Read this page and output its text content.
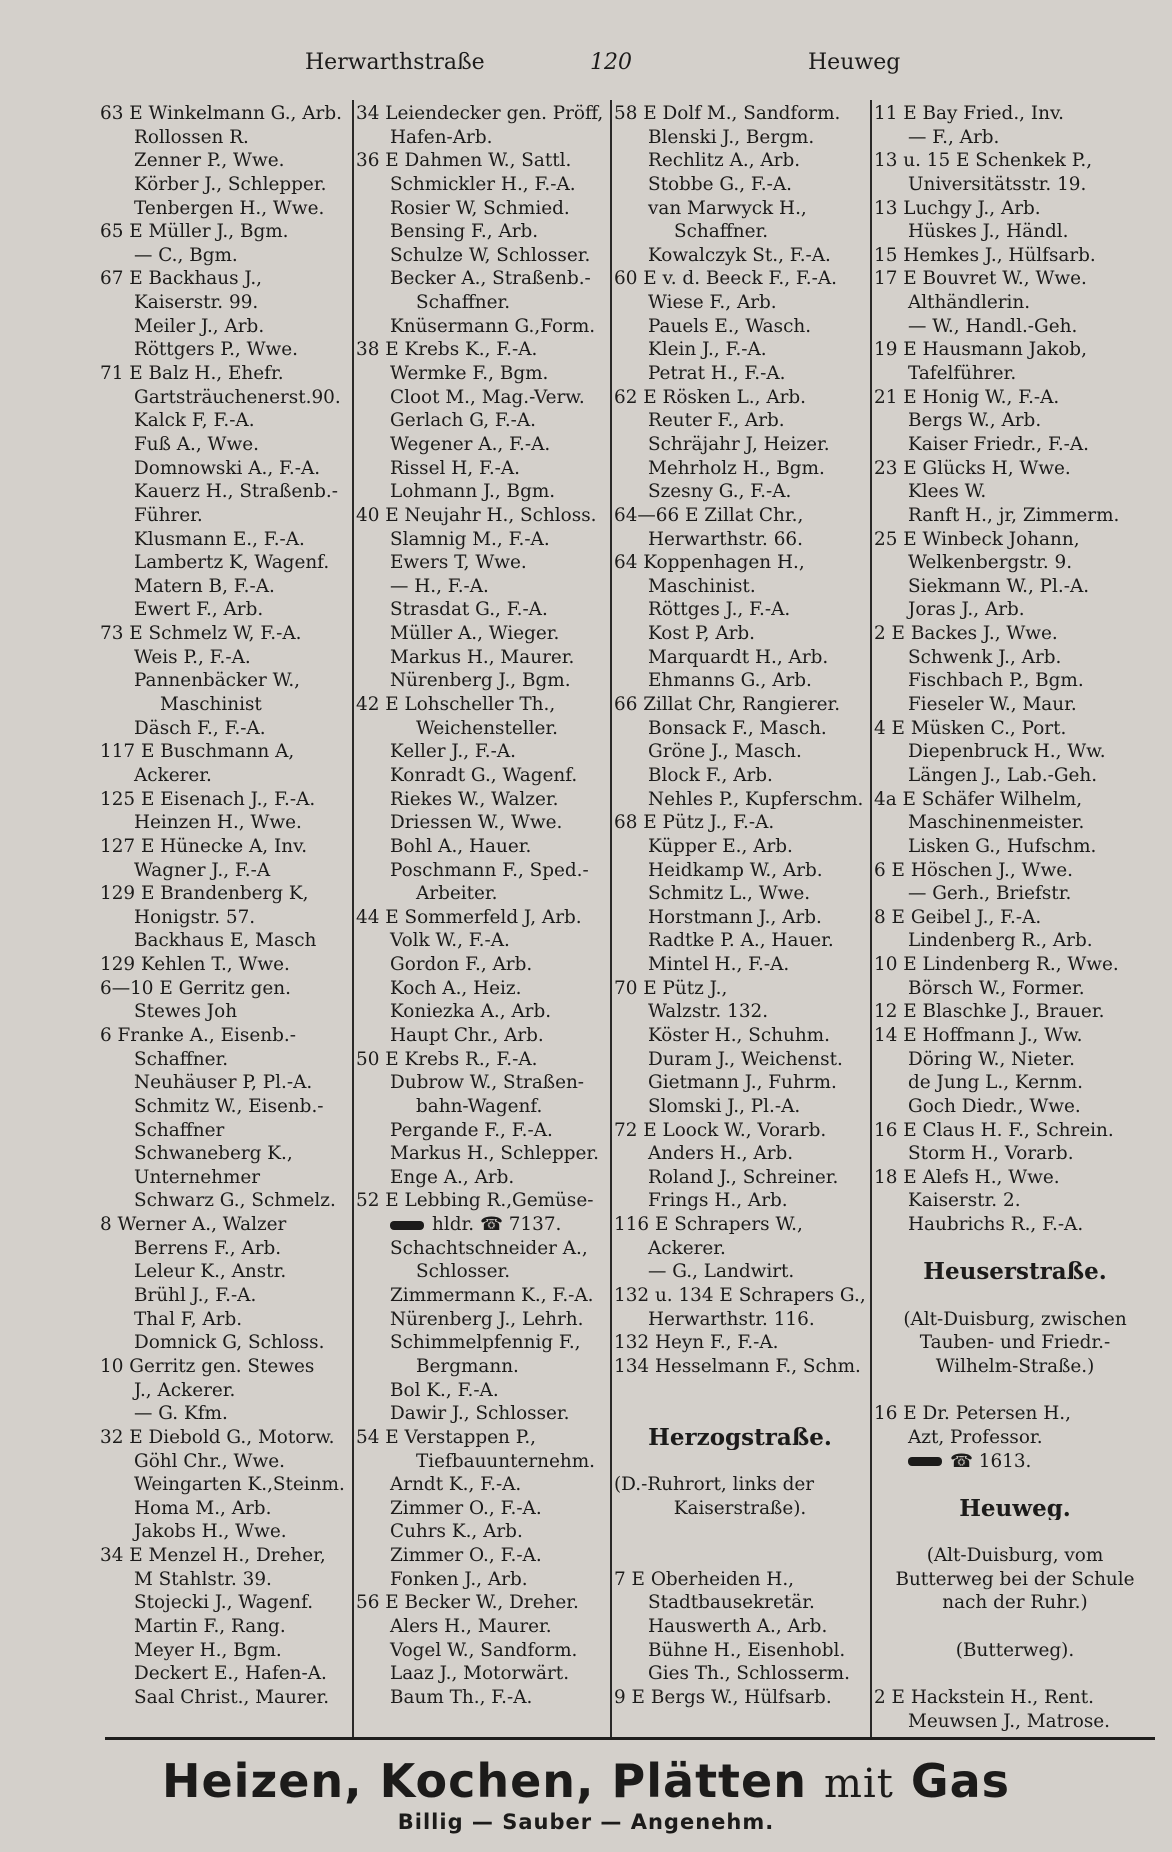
Herwarthstraße	120	Heuweg
63 E Winkelmann G., Arb.
Rollossen R.
Zenner P., Wwe.
Körber J., Schlepper.
Tenbergen H., Wwe.
65 E Müller J., Bgm.
— C., Bgm.
67 E Backhaus J.,
Kaiserstr. 99.
Meiler J., Arb.
Röttgers P., Wwe.
71 E Balz H., Ehefr.
Gartsträuchenerst.90.
Kalck F, F.-A.
Fuß A., Wwe.
Domnowski A., F.-A.
Kauerz H., Straßenb.-
Führer.
Klusmann E., F.-A.
Lambertz K, Wagenf.
Matern B, F.-A.
Ewert F., Arb.
73 E Schmelz W, F.-A.
Weis P., F.-A.
Pannenbäcker W.,
Maschinist
Däsch F., F.-A.
117 E Buschmann A,
Ackerer.
125 E Eisenach J., F.-A.
Heinzen H., Wwe.
127 E Hünecke A, Inv.
Wagner J., F.-A
129 E Brandenberg K,
Honigstr. 57.
Backhaus E, Masch
129 Kehlen T., Wwe.
6—10 E Gerritz gen.
Stewes Joh
6 Franke A., Eisenb.-
Schaffner.
Neuhäuser P, Pl.-A.
Schmitz W., Eisenb.-
Schaffner
Schwaneberg K.,
Unternehmer
Schwarz G., Schmelz.
8 Werner A., Walzer
Berrens F., Arb.
Leleur K., Anstr.
Brühl J., F.-A.
Thal F, Arb.
Domnick G, Schloss.
10 Gerritz gen. Stewes
J., Ackerer.
— G. Kfm.
32 E Diebold G., Motorw.
Göhl Chr., Wwe.
Weingarten K.,Steinm.
Homa M., Arb.
Jakobs H., Wwe.
34 E Menzel H., Dreher,
M Stahlstr. 39.
Stojecki J., Wagenf.
Martin F., Rang.
Meyer H., Bgm.
Deckert E., Hafen-A.
Saal Christ., Maurer.
34 Leiendecker gen. Pröff,
Hafen-Arb.
36 E Dahmen W., Sattl.
Schmickler H., F.-A.
Rosier W, Schmied.
Bensing F., Arb.
Schulze W, Schlosser.
Becker A., Straßenb.-
Schaffner.
Knüsermann G.,Form.
38 E Krebs K., F.-A.
Wermke F., Bgm.
Cloot M., Mag.-Verw.
Gerlach G, F.-A.
Wegener A., F.-A.
Rissel H, F.-A.
Lohmann J., Bgm.
40 E Neujahr H., Schloss.
Slamnig M., F.-A.
Ewers T, Wwe.
— H., F.-A.
Strasdat G., F.-A.
Müller A., Wieger.
Markus H., Maurer.
Nürenberg J., Bgm.
42 E Lohscheller Th.,
Weichensteller.
Keller J., F.-A.
Konradt G., Wagenf.
Riekes W., Walzer.
Driessen W., Wwe.
Bohl A., Hauer.
Poschmann F., Sped.-
Arbeiter.
44 E Sommerfeld J, Arb.
Volk W., F.-A.
Gordon F., Arb.
Koch A., Heiz.
Koniezka A., Arb.
Haupt Chr., Arb.
50 E Krebs R., F.-A.
Dubrow W., Straßen-
bahn-Wagenf.
Pergande F., F.-A.
Markus H., Schlepper.
Enge A., Arb.
52 E Lebbing R.,Gemüse-
hldr. ☎ 7137.
Schachtschneider A.,
Schlosser.
Zimmermann K., F.-A.
Nürenberg J., Lehrh.
Schimmelpfennig F.,
Bergmann.
Bol K., F.-A.
Dawir J., Schlosser.
54 E Verstappen P.,
Tiefbauunternehm.
Arndt K., F.-A.
Zimmer O., F.-A.
Cuhrs K., Arb.
Zimmer O., F.-A.
Fonken J., Arb.
56 E Becker W., Dreher.
Alers H., Maurer.
Vogel W., Sandform.
Laaz J., Motorwärt.
Baum Th., F.-A.
58 E Dolf M., Sandform.
Blenski J., Bergm.
Rechlitz A., Arb.
Stobbe G., F.-A.
van Marwyck H.,
Schaffner.
Kowalczyk St., F.-A.
60 E v. d. Beeck F., F.-A.
Wiese F., Arb.
Pauels E., Wasch.
Klein J., F.-A.
Petrat H., F.-A.
62 E Rösken L., Arb.
Reuter F., Arb.
Schräjahr J, Heizer.
Mehrholz H., Bgm.
Szesny G., F.-A.
64—66 E Zillat Chr.,
Herwarthstr. 66.
64 Koppenhagen H.,
Maschinist.
Röttges J., F.-A.
Kost P, Arb.
Marquardt H., Arb.
Ehmanns G., Arb.
66 Zillat Chr, Rangierer.
Bonsack F., Masch.
Gröne J., Masch.
Block F., Arb.
Nehles P., Kupferschm.
68 E Pütz J., F.-A.
Küpper E., Arb.
Heidkamp W., Arb.
Schmitz L., Wwe.
Horstmann J., Arb.
Radtke P. A., Hauer.
Mintel H., F.-A.
70 E Pütz J.,
Walzstr. 132.
Köster H., Schuhm.
Duram J., Weichenst.
Gietmann J., Fuhrm.
Slomski J., Pl.-A.
72 E Loock W., Vorarb.
Anders H., Arb.
Roland J., Schreiner.
Frings H., Arb.
116 E Schrapers W.,
Ackerer.
— G., Landwirt.
132 u. 134 E Schrapers G.,
Herwarthstr. 116.
132 Heyn F., F.-A.
134 Hesselmann F., Schm.
Herzogstraße.
(D.-Ruhrort, links der
Kaiserstraße).
7 E Oberheiden H.,
Stadtbausekretär.
Hauswerth A., Arb.
Bühne H., Eisenhobl.
Gies Th., Schlosserm.
9 E Bergs W., Hülfsarb.
11 E Bay Fried., Inv.
— F., Arb.
13 u. 15 E Schenkek P.,
Universitätsstr. 19.
13 Luchgy J., Arb.
Hüskes J., Händl.
15 Hemkes J., Hülfsarb.
17 E Bouvret W., Wwe.
Althändlerin.
— W., Handl.-Geh.
19 E Hausmann Jakob,
Tafelführer.
21 E Honig W., F.-A.
Bergs W., Arb.
Kaiser Friedr., F.-A.
23 E Glücks H, Wwe.
Klees W.
Ranft H., jr, Zimmerm.
25 E Winbeck Johann,
Welkenbergstr. 9.
Siekmann W., Pl.-A.
Joras J., Arb.
2 E Backes J., Wwe.
Schwenk J., Arb.
Fischbach P., Bgm.
Fieseler W., Maur.
4 E Müsken C., Port.
Diepenbruck H., Ww.
Längen J., Lab.-Geh.
4a E Schäfer Wilhelm,
Maschinenmeister.
Lisken G., Hufschm.
6 E Höschen J., Wwe.
— Gerh., Briefstr.
8 E Geibel J., F.-A.
Lindenberg R., Arb.
10 E Lindenberg R., Wwe.
Börsch W., Former.
12 E Blaschke J., Brauer.
14 E Hoffmann J., Ww.
Döring W., Nieter.
de Jung L., Kernm.
Goch Diedr., Wwe.
16 E Claus H. F., Schrein.
Storm H., Vorarb.
18 E Alefs H., Wwe.
Kaiserstr. 2.
Haubrichs R., F.-A.
Heuserstraße.
(Alt-Duisburg, zwischen
Tauben- und Friedr.-
Wilhelm-Straße.)
16 E Dr. Petersen H.,
Azt, Professor.
☎ 1613.
Heuweg.
(Alt-Duisburg, vom
Butterweg bei der Schule
nach der Ruhr.)
(Butterweg).
2 E Hackstein H., Rent.
Meuwsen J., Matrose.
Heizen, Kochen, Plätten mit Gas
Billig — Sauber — Angenehm.
